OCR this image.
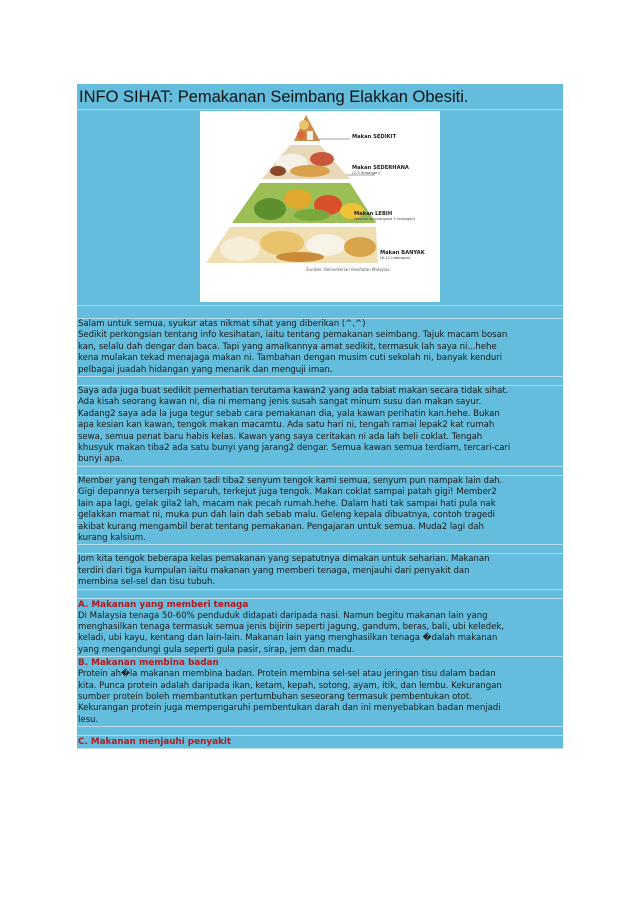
INFO SIHAT: Pemakanan Seimbang Elakkan Obesiti.
Makan SEDIKIT
Makan SEDERHANA
(2-3 hidangan)
Makan LEBIH
(sekurang-kurangnya 5 hidangan)
Makan BANYAK
(8-12 hidangan)
Sumber: Kementerian Kesihatan Malaysia

Salam untuk semua, syukur atas nikmat sihat yang diberikan (^,^)
Sedikit perkongsian tentang info kesihatan, iaitu tentang pemakanan seimbang. Tajuk macam bosan
kan, selalu dah dengar dan baca. Tapi yang amalkannya amat sedikit, termasuk lah saya ni...hehe
kena mulakan tekad menajaga makan ni. Tambahan dengan musim cuti sekolah ni, banyak kenduri
pelbagai juadah hidangan yang menarik dan menguji iman.

Saya ada juga buat sedikit pemerhatian terutama kawan2 yang ada tabiat makan secara tidak sihat.
Ada kisah seorang kawan ni, dia ni memang jenis susah sangat minum susu dan makan sayur.
Kadang2 saya ada la juga tegur sebab cara pemakanan dia, yala kawan perihatin kan.hehe. Bukan
apa kesian kan kawan, tengok makan macamtu. Ada satu hari ni, tengah ramai lepak2 kat rumah
sewa, semua penat baru habis kelas. Kawan yang saya ceritakan ni ada lah beli coklat. Tengah
khusyuk makan tiba2 ada satu bunyi yang jarang2 dengar. Semua kawan semua terdiam, tercari-cari
bunyi apa.

Member yang tengah makan tadi tiba2 senyum tengok kami semua, senyum pun nampak lain dah.
Gigi depannya terserpih separuh, terkejut juga tengok. Makan coklat sampai patah gigi! Member2
lain apa lagi, gelak gila2 lah, macam nak pecah rumah.hehe. Dalam hati tak sampai hati pula nak
gelakkan mamat ni, muka pun dah lain dah sebab malu. Geleng kepala dibuatnya, contoh tragedi
akibat kurang mengambil berat tentang pemakanan. Pengajaran untuk semua. Muda2 lagi dah
kurang kalsium.

Jom kita tengok beberapa kelas pemakanan yang sepatutnya dimakan untuk seharian. Makanan
terdiri dari tiga kumpulan iaitu makanan yang memberi tenaga, menjauhi dari penyakit dan
membina sel-sel dan tisu tubuh.

A. Makanan yang memberi tenaga

Di Malaysia tenaga 50-60% penduduk didapati daripada nasi. Namun begitu makanan lain yang
menghasilkan tenaga termasuk semua jenis bijirin seperti jagung, gandum, beras, bali, ubi keledek,
keladi, ubi kayu, kentang dan lain-lain. Makanan lain yang menghasilkan tenaga �dalah makanan
yang mengandungi gula seperti gula pasir, sirap, jem dan madu.

B. Makanan membina badan

Protein ah�la makanan membina badan. Protein membina sel-sel atau jeringan tisu dalam badan
kita. Punca protein adalah daripada ikan, ketam, kepah, sotong, ayam, itik, dan lembu. Kekurangan
sumber protein boleh membantutkan pertumbuhan seseorang termasuk pembentukan otot.
Kekurangan protein juga mempengaruhi pembentukan darah dan ini menyebabkan badan menjadi
lesu.

C. Makanan menjauhi penyakit
